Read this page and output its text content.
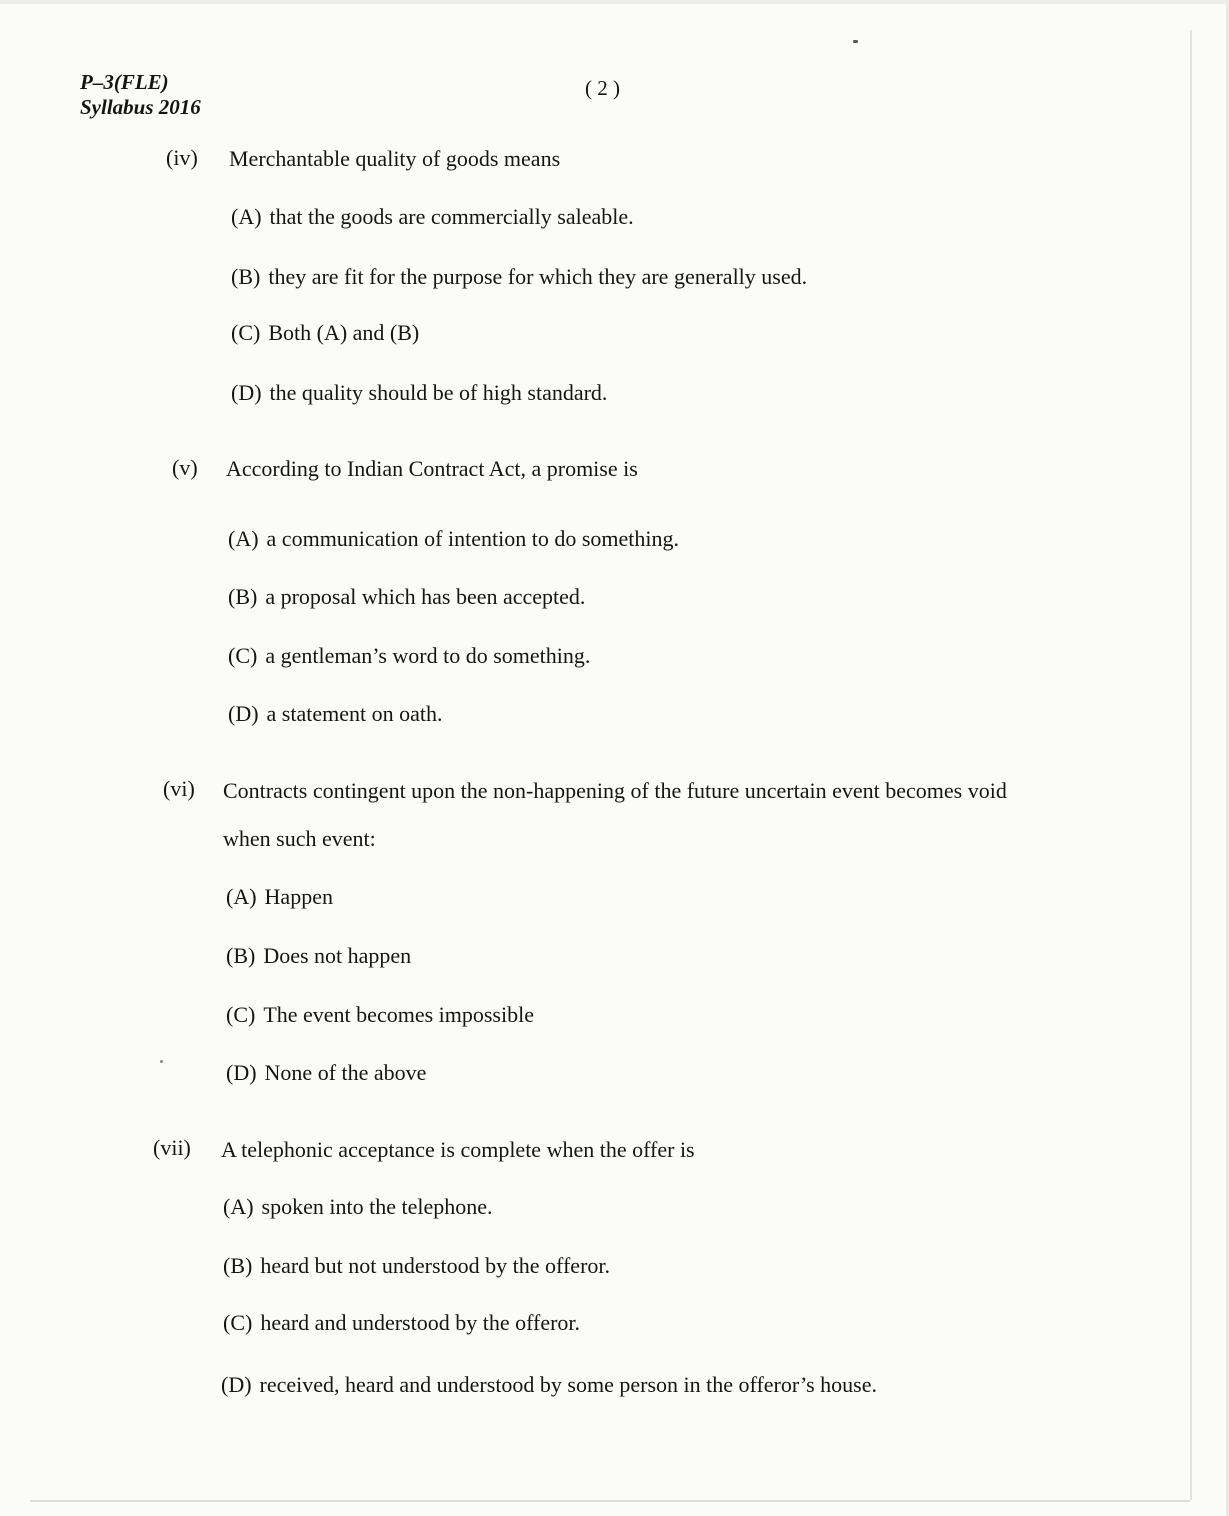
P–3(FLE)
Syllabus 2016
( 2 )
(iv) Merchantable quality of goods means
(A) that the goods are commercially saleable.
(B) they are fit for the purpose for which they are generally used.
(C) Both (A) and (B)
(D) the quality should be of high standard.
(v) According to Indian Contract Act, a promise is
(A) a communication of intention to do something.
(B) a proposal which has been accepted.
(C) a gentleman’s word to do something.
(D) a statement on oath.
(vi) Contracts contingent upon the non-happening of the future uncertain event becomes void
when such event:
(A) Happen
(B) Does not happen
(C) The event becomes impossible
(D) None of the above
(vii) A telephonic acceptance is complete when the offer is
(A) spoken into the telephone.
(B) heard but not understood by the offeror.
(C) heard and understood by the offeror.
(D) received, heard and understood by some person in the offeror’s house.
